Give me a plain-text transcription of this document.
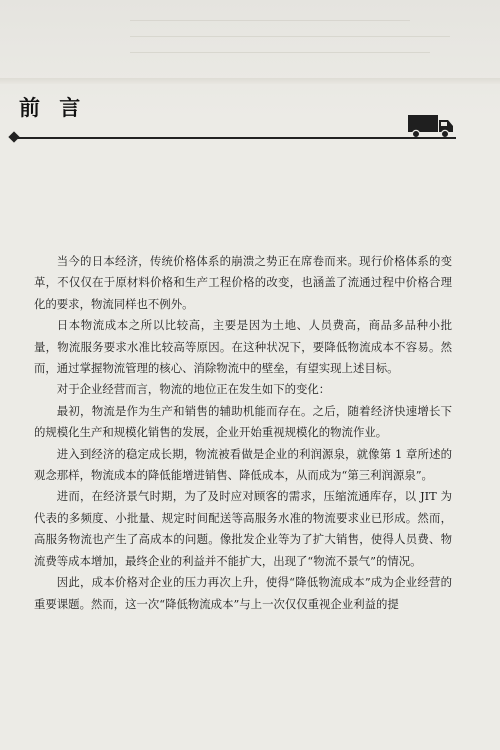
前 言

当今的日本经济，传统价格体系的崩溃之势正在席卷而来。现行价格体系的变革，不仅仅在于原材料价格和生产工程价格的改变，也涵盖了流通过程中价格合理化的要求，物流同样也不例外。

日本物流成本之所以比较高，主要是因为土地、人员费高，商品多品种小批量，物流服务要求水准比较高等原因。在这种状况下，要降低物流成本不容易。然而，通过掌握物流管理的核心、消除物流中的壁垒，有望实现上述目标。

对于企业经营而言，物流的地位正在发生如下的变化：

最初，物流是作为生产和销售的辅助机能而存在。之后，随着经济快速增长下的规模化生产和规模化销售的发展，企业开始重视规模化的物流作业。

进入到经济的稳定成长期，物流被看做是企业的利润源泉，就像第 1 章所述的观念那样，物流成本的降低能增进销售、降低成本，从而成为“第三利润源泉”。

进而，在经济景气时期，为了及时应对顾客的需求，压缩流通库存，以 JIT 为代表的多频度、小批量、规定时间配送等高服务水准的物流要求业已形成。然而，高服务物流也产生了高成本的问题。像批发企业等为了扩大销售，使得人员费、物流费等成本增加，最终企业的利益并不能扩大，出现了“物流不景气”的情况。

因此，成本价格对企业的压力再次上升，使得“降低物流成本”成为企业经营的重要课题。然而，这一次“降低物流成本”与上一次仅仅重视企业利益的提
